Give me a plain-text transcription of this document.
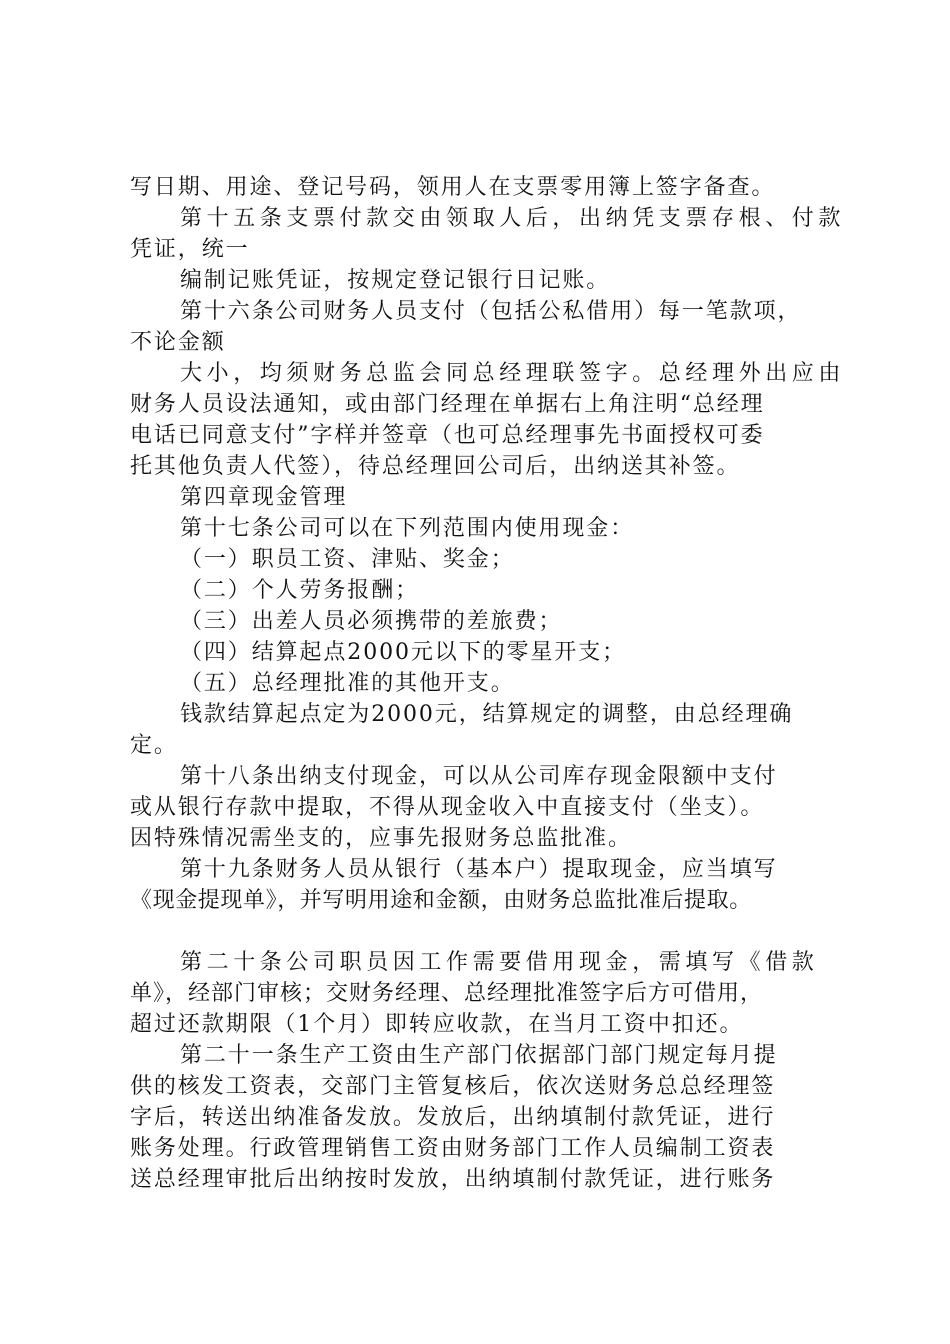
写日期、用途、登记号码，领用人在支票零用簿上签字备查。
第十五条支票付款交由领取人后，出纳凭支票存根、付款
凭证，统一
编制记账凭证，按规定登记银行日记账。
第十六条公司财务人员支付（包括公私借用）每一笔款项，
不论金额
大小，均须财务总监会同总经理联签字。总经理外出应由
财务人员设法通知，或由部门经理在单据右上角注明“总经理
电话已同意支付”字样并签章（也可总经理事先书面授权可委
托其他负责人代签），待总经理回公司后，出纳送其补签。
第四章现金管理
第十七条公司可以在下列范围内使用现金：
（一）职员工资、津贴、奖金；
（二）个人劳务报酬；
（三）出差人员必须携带的差旅费；
（四）结算起点2000元以下的零星开支；
（五）总经理批准的其他开支。
钱款结算起点定为2000元，结算规定的调整，由总经理确
定。
第十八条出纳支付现金，可以从公司库存现金限额中支付
或从银行存款中提取，不得从现金收入中直接支付（坐支）。
因特殊情况需坐支的，应事先报财务总监批准。
第十九条财务人员从银行（基本户）提取现金，应当填写
《现金提现单》，并写明用途和金额，由财务总监批准后提取。
第二十条公司职员因工作需要借用现金，需填写《借款
单》，经部门审核；交财务经理、总经理批准签字后方可借用，
超过还款期限（1个月）即转应收款，在当月工资中扣还。
第二十一条生产工资由生产部门依据部门部门规定每月提
供的核发工资表，交部门主管复核后，依次送财务总总经理签
字后，转送出纳准备发放。发放后，出纳填制付款凭证，进行
账务处理。行政管理销售工资由财务部门工作人员编制工资表
送总经理审批后出纳按时发放，出纳填制付款凭证，进行账务
